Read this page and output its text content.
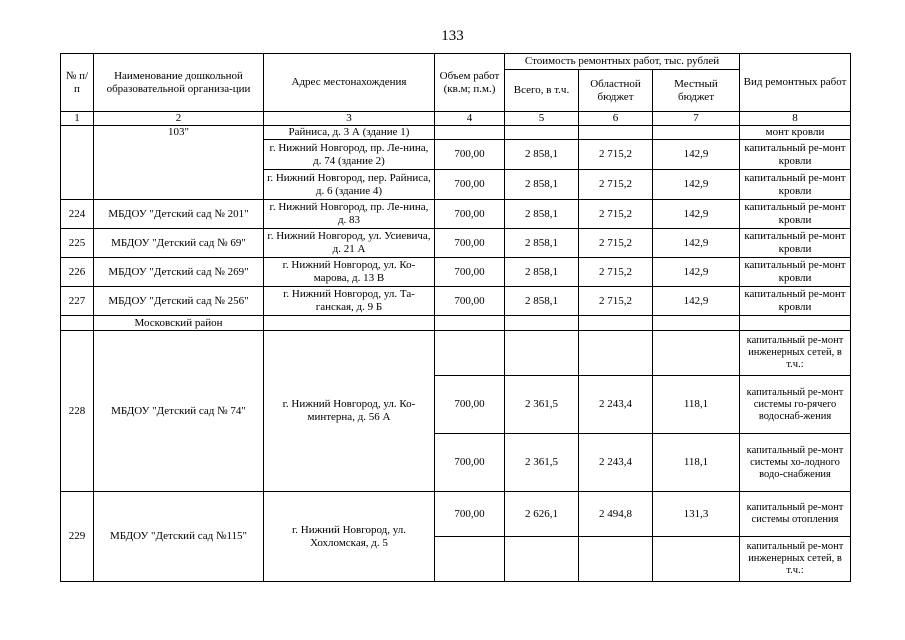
133
№ п/п	Наименование дошкольной образовательной организа-ции	Адрес местонахождения	Объем работ (кв.м; п.м.)	Стоимость ремонтных работ, тыс. рублей			Вид ремонтных работ
				Всего, в т.ч.	Областной бюджет	Местный бюджет	
1	2	3	4	5	6	7	8
	103"	Райниса, д. 3 А (здание 1)					монт кровли
		г. Нижний Новгород, пр. Ле-нина, д. 74 (здание 2)	700,00	2 858,1	2 715,2	142,9	капитальный ре-монт кровли
		г. Нижний Новгород, пер. Райниса, д. 6 (здание 4)	700,00	2 858,1	2 715,2	142,9	капитальный ре-монт кровли
224	МБДОУ "Детский сад № 201"	г. Нижний Новгород, пр. Ле-нина, д. 83	700,00	2 858,1	2 715,2	142,9	капитальный ре-монт кровли
225	МБДОУ "Детский сад № 69"	г. Нижний Новгород, ул. Усиевича, д. 21 А	700,00	2 858,1	2 715,2	142,9	капитальный ре-монт кровли
226	МБДОУ "Детский сад № 269"	г. Нижний Новгород, ул. Ко-марова, д. 13 В	700,00	2 858,1	2 715,2	142,9	капитальный ре-монт кровли
227	МБДОУ "Детский сад № 256"	г. Нижний Новгород, ул. Та-ганская, д. 9 Б	700,00	2 858,1	2 715,2	142,9	капитальный ре-монт кровли
	Московский район						
228	МБДОУ "Детский сад № 74"	г. Нижний Новгород, ул. Ко-минтерна, д. 56 А					капитальный ре-монт инженерных сетей, в т.ч.:
			700,00	2 361,5	2 243,4	118,1	капитальный ре-монт системы го-рячего водоснаб-жения
			700,00	2 361,5	2 243,4	118,1	капитальный ре-монт системы хо-лодного водо-снабжения
229	МБДОУ "Детский сад №115"	г. Нижний Новгород, ул. Хохломская, д. 5	700,00	2 626,1	2 494,8	131,3	капитальный ре-монт системы отопления
							капитальный ре-монт инженерных сетей, в т.ч.:
